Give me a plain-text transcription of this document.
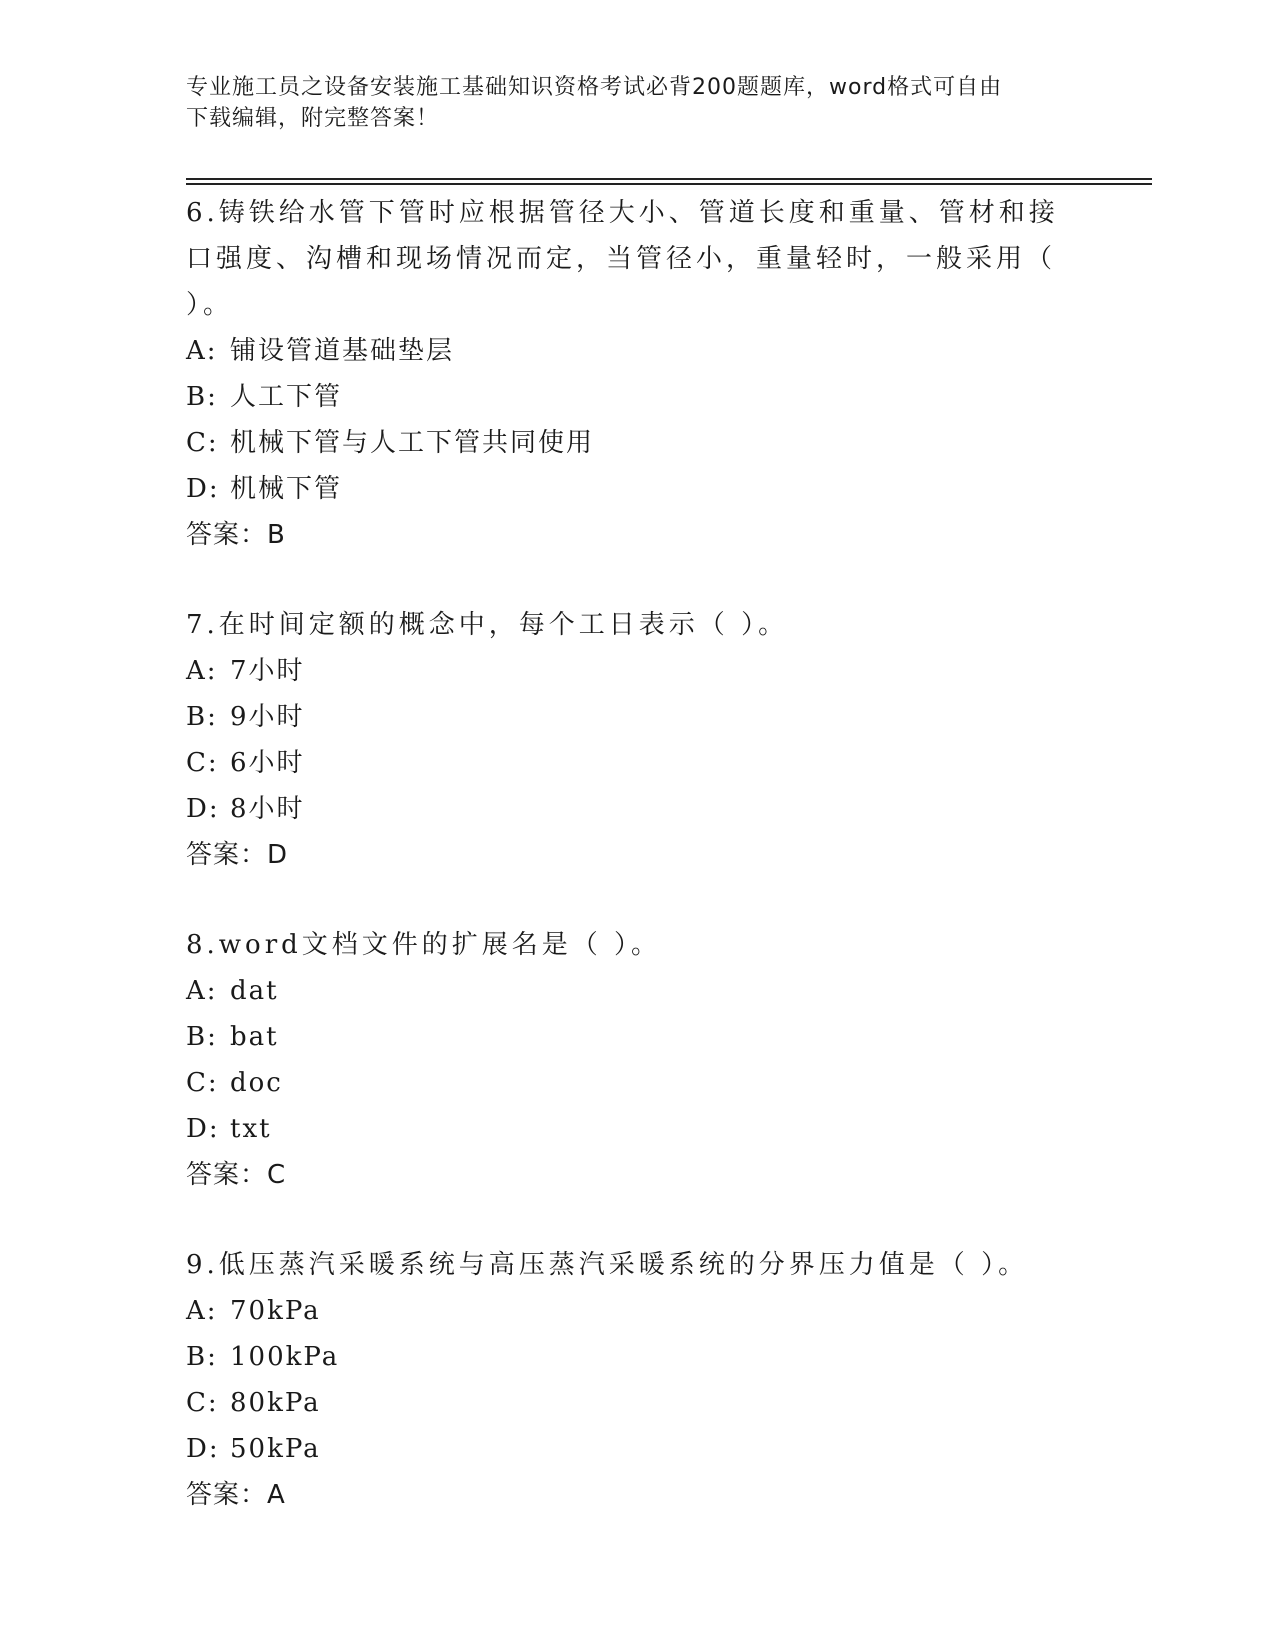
专业施工员之设备安装施工基础知识资格考试必背200题题库，word格式可自由
下载编辑，附完整答案！

6.铸铁给水管下管时应根据管径大小、管道长度和重量、管材和接口强度、沟槽和现场情况而定，当管径小，重量轻时，一般采用（ ）。

A: 铺设管道基础垫层
B: 人工下管
C: 机械下管与人工下管共同使用
D: 机械下管
答案：B

7.在时间定额的概念中，每个工日表示（ ）。

A: 7小时
B: 9小时
C: 6小时
D: 8小时
答案：D

8.word文档文件的扩展名是（ ）。

A: dat
B: bat
C: doc
D: txt
答案：C

9.低压蒸汽采暖系统与高压蒸汽采暖系统的分界压力值是（ ）。

A: 70kPa
B: 100kPa
C: 80kPa
D: 50kPa
答案：A
